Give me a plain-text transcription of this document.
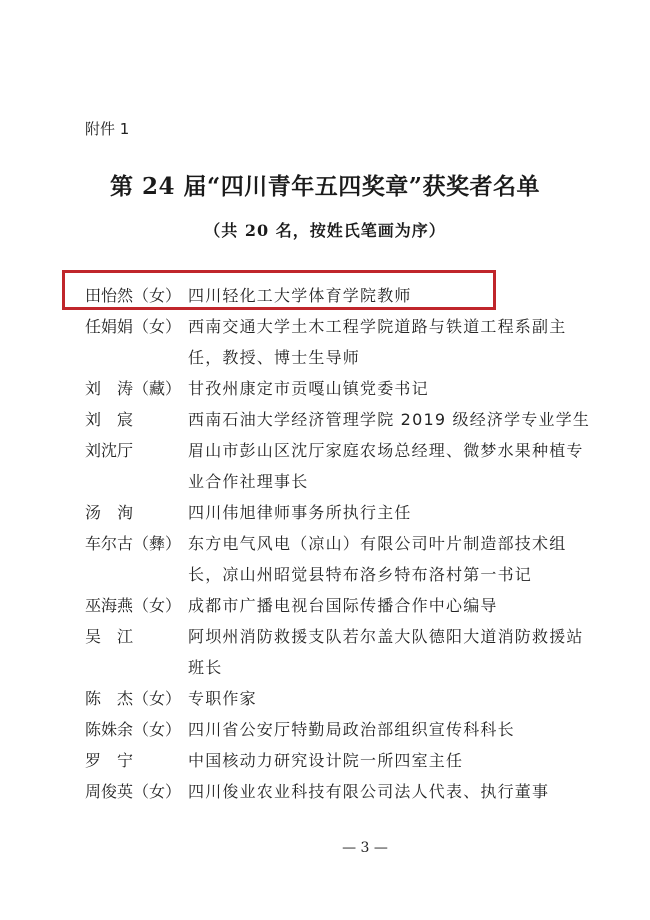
附件 1
第 24 届“四川青年五四奖章”获奖者名单
（共 20 名，按姓氏笔画为序）
田怡然（女） 四川轻化工大学体育学院教师
任娟娟（女） 西南交通大学土木工程学院道路与铁道工程系副主任，教授、博士生导师
刘　涛（藏） 甘孜州康定市贡嘎山镇党委书记
刘　宸	西南石油大学经济管理学院 2019 级经济学专业学生
刘沈厅	眉山市彭山区沈厅家庭农场总经理、微梦水果种植专业合作社理事长
汤　洵	四川伟旭律师事务所执行主任
车尔古（彝） 东方电气风电（凉山）有限公司叶片制造部技术组长，凉山州昭觉县特布洛乡特布洛村第一书记
巫海燕（女） 成都市广播电视台国际传播合作中心编导
吴　江	阿坝州消防救援支队若尔盖大队德阳大道消防救援站班长
陈　杰（女） 专职作家
陈姝余（女） 四川省公安厅特勤局政治部组织宣传科科长
罗　宁	中国核动力研究设计院一所四室主任
周俊英（女） 四川俊业农业科技有限公司法人代表、执行董事
— 3 —
